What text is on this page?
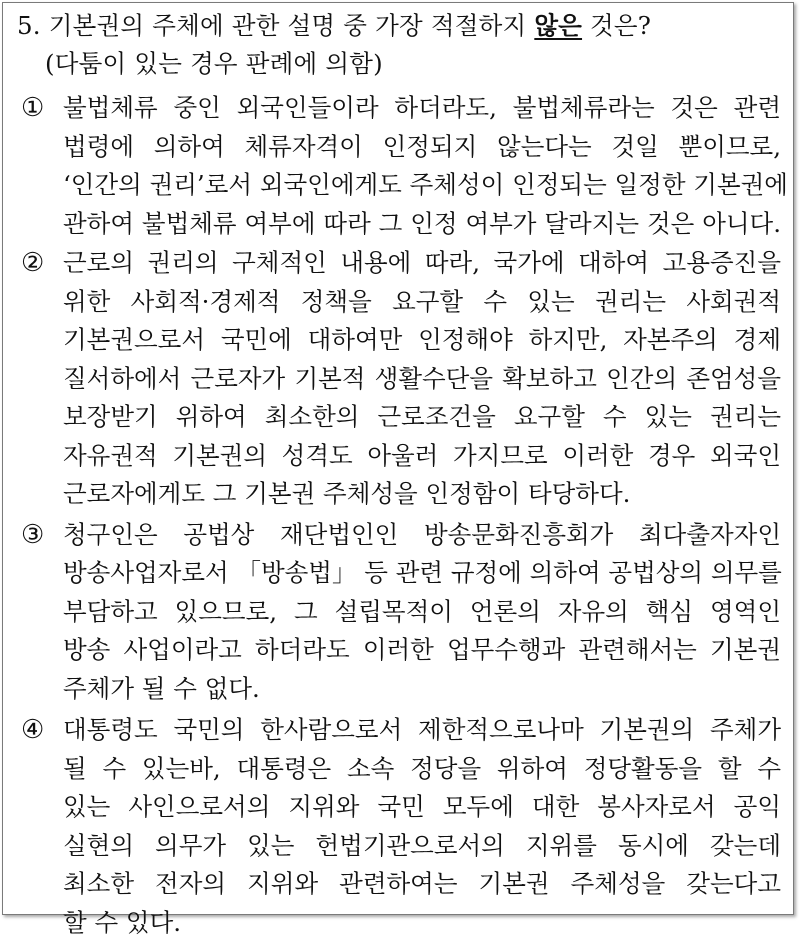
5. 기본권의 주체에 관한 설명 중 가장 적절하지 않은 것은?
(다툼이 있는 경우 판례에 의함)
① 불법체류 중인 외국인들이라 하더라도, 불법체류라는 것은 관련
법령에 의하여 체류자격이 인정되지 않는다는 것일 뿐이므로,
‘인간의 권리’로서 외국인에게도 주체성이 인정되는 일정한 기본권에
관하여 불법체류 여부에 따라 그 인정 여부가 달라지는 것은 아니다.
② 근로의 권리의 구체적인 내용에 따라, 국가에 대하여 고용증진을
위한 사회적·경제적 정책을 요구할 수 있는 권리는 사회권적
기본권으로서 국민에 대하여만 인정해야 하지만, 자본주의 경제
질서하에서 근로자가 기본적 생활수단을 확보하고 인간의 존엄성을
보장받기 위하여 최소한의 근로조건을 요구할 수 있는 권리는
자유권적 기본권의 성격도 아울러 가지므로 이러한 경우 외국인
근로자에게도 그 기본권 주체성을 인정함이 타당하다.
③ 청구인은 공법상 재단법인인 방송문화진흥회가 최다출자자인
방송사업자로서 「방송법」 등 관련 규정에 의하여 공법상의 의무를
부담하고 있으므로, 그 설립목적이 언론의 자유의 핵심 영역인
방송 사업이라고 하더라도 이러한 업무수행과 관련해서는 기본권
주체가 될 수 없다.
④ 대통령도 국민의 한사람으로서 제한적으로나마 기본권의 주체가
될 수 있는바, 대통령은 소속 정당을 위하여 정당활동을 할 수
있는 사인으로서의 지위와 국민 모두에 대한 봉사자로서 공익
실현의 의무가 있는 헌법기관으로서의 지위를 동시에 갖는데
최소한 전자의 지위와 관련하여는 기본권 주체성을 갖는다고
할 수 있다.
